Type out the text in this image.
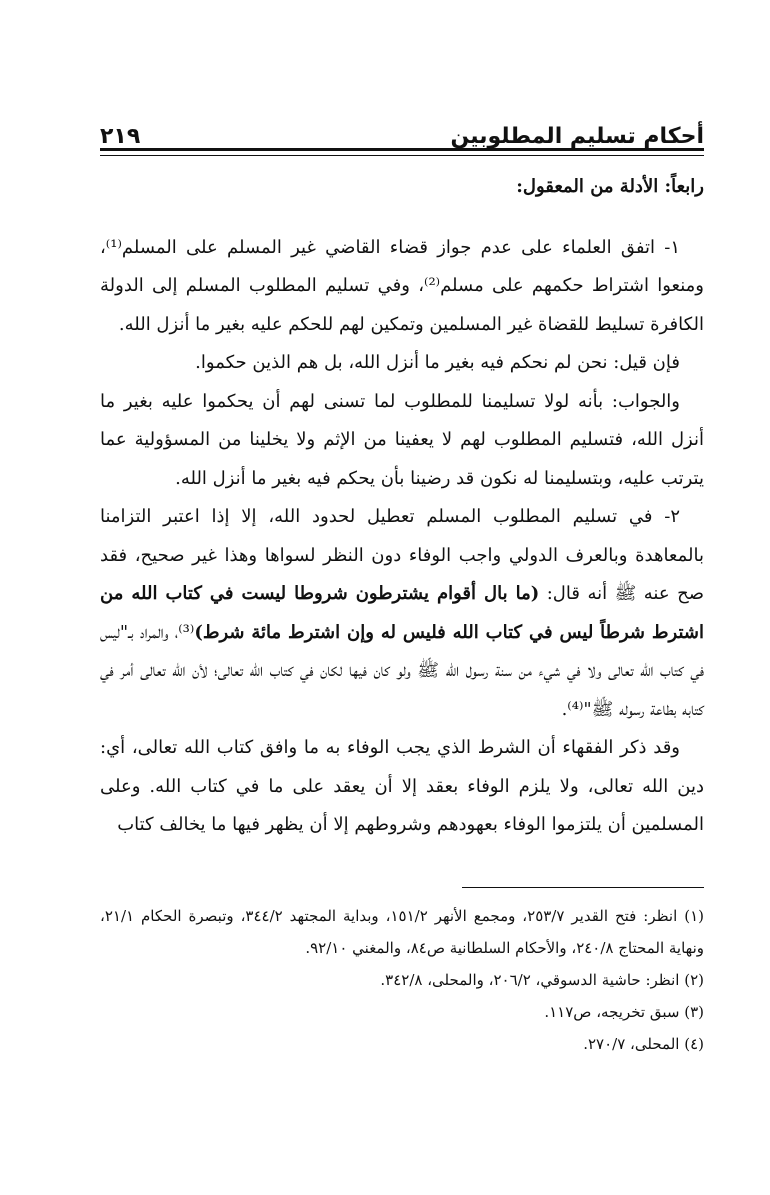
أحكام تسليم المطلوبين
٢١٩

رابعاً: الأدلة من المعقول:

١- اتفق العلماء على عدم جواز قضاء القاضي غير المسلم على المسلم⁽¹⁾، ومنعوا اشتراط حكمهم على مسلم⁽²⁾، وفي تسليم المطلوب المسلم إلى الدولة الكافرة تسليط للقضاة غير المسلمين وتمكين لهم للحكم عليه بغير ما أنزل الله.

فإن قيل: نحن لم نحكم فيه بغير ما أنزل الله، بل هم الذين حكموا.

والجواب: بأنه لولا تسليمنا للمطلوب لما تسنى لهم أن يحكموا عليه بغير ما أنزل الله، فتسليم المطلوب لهم لا يعفينا من الإثم ولا يخلينا من المسؤولية عما يترتب عليه، وبتسليمنا له نكون قد رضينا بأن يحكم فيه بغير ما أنزل الله.

٢- في تسليم المطلوب المسلم تعطيل لحدود الله، إلا إذا اعتبر التزامنا بالمعاهدة وبالعرف الدولي واجب الوفاء دون النظر لسواها وهذا غير صحيح، فقد صح عنه ﷺ أنه قال: (ما بال أقوام يشترطون شروطا ليست في كتاب الله من اشترط شرطاً ليس في كتاب الله فليس له وإن اشترط مائة شرط)⁽³⁾، والمراد بـ"ليس في كتاب الله تعالى ولا في شيء من سنة رسول الله ﷺ ولو كان فيها لكان في كتاب الله تعالى؛ لأن الله تعالى أمر في كتابه بطاعة رسوله ﷺ"⁽⁴⁾.

وقد ذكر الفقهاء أن الشرط الذي يجب الوفاء به ما وافق كتاب الله تعالى، أي: دين الله تعالى، ولا يلزم الوفاء بعقد إلا أن يعقد على ما في كتاب الله. وعلى المسلمين أن يلتزموا الوفاء بعهودهم وشروطهم إلا أن يظهر فيها ما يخالف كتاب

(١) انظر: فتح القدير ٢٥٣/٧، ومجمع الأنهر ١٥١/٢، وبداية المجتهد ٣٤٤/٢، وتبصرة الحكام ٢١/١، ونهاية المحتاج ٢٤٠/٨، والأحكام السلطانية ص٨٤، والمغني ٩٢/١٠.

(٢) انظر: حاشية الدسوقي، ٢٠٦/٢، والمحلى، ٣٤٢/٨.

(٣) سبق تخريجه، ص١١٧.

(٤) المحلى، ٢٧٠/٧.
